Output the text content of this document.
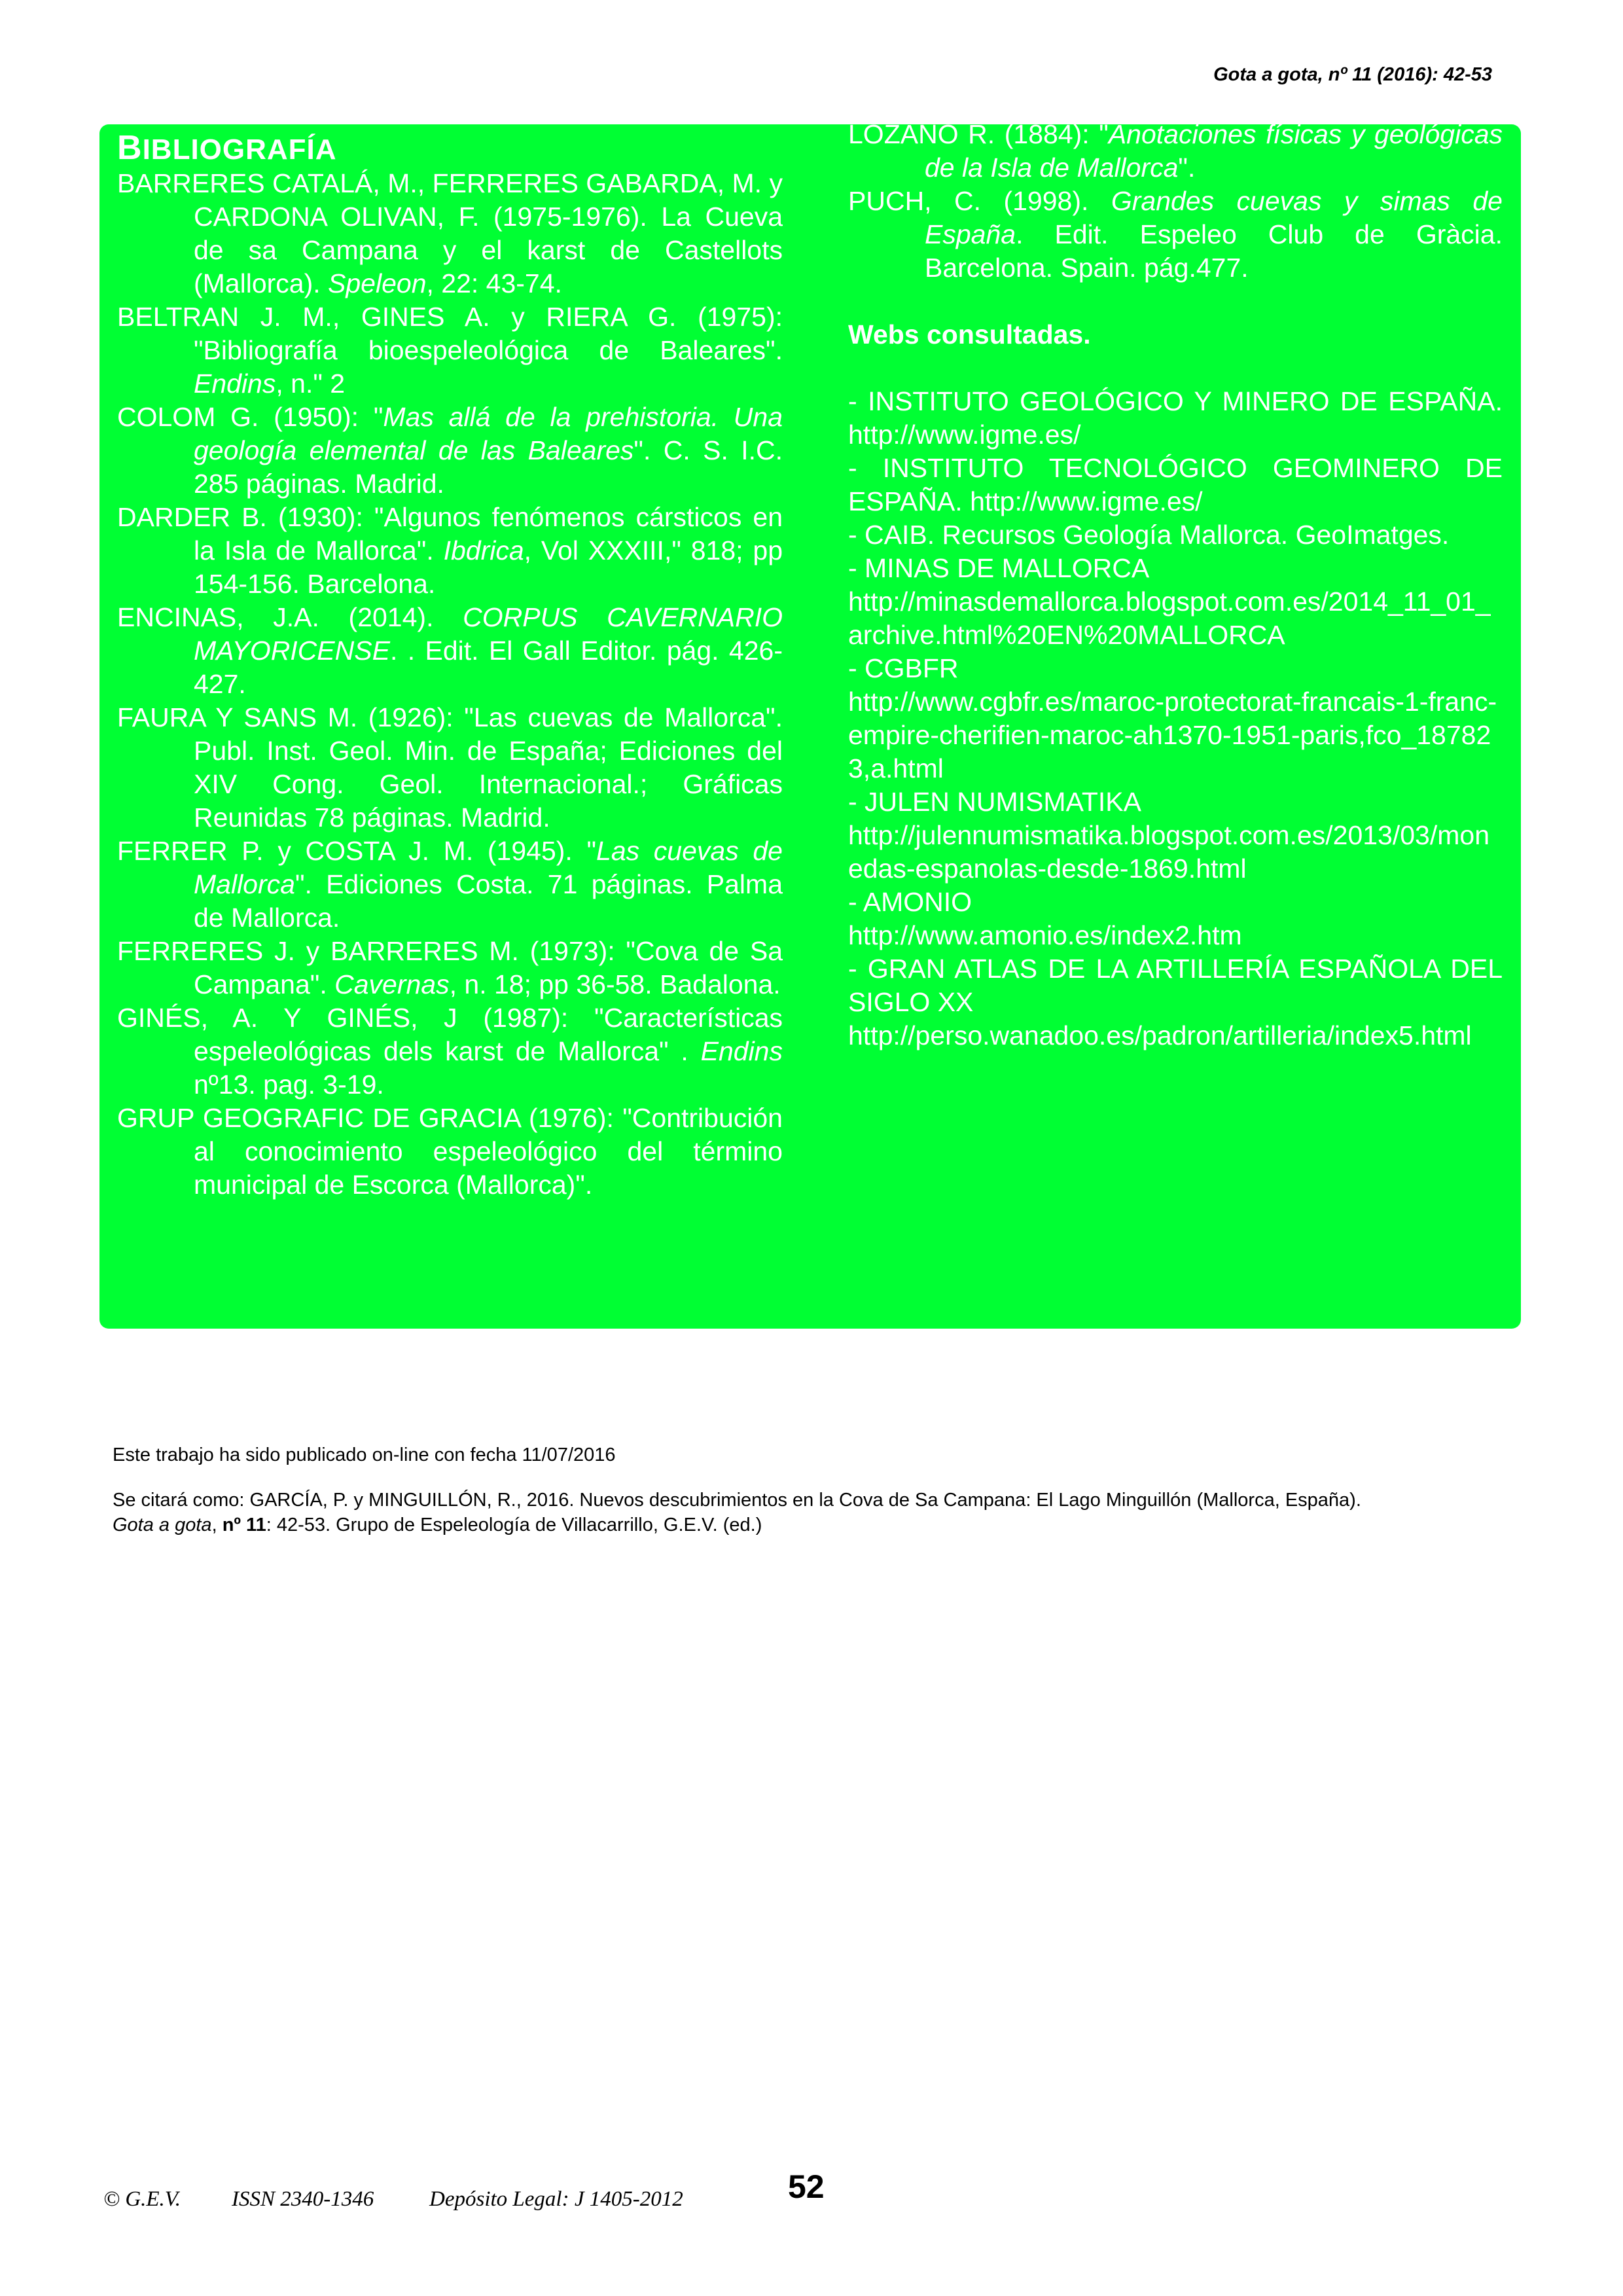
Gota a gota, nº 11 (2016): 42-53
BIBLIOGRAFÍA

BARRERES CATALÁ, M., FERRERES GABARDA, M. y CARDONA OLIVAN, F. (1975-1976). La Cueva de sa Campana y el karst de Castellots (Mallorca). Speleon, 22: 43-74.

BELTRAN J. M., GINES A. y RIERA G. (1975): "Bibliografía bioespeleológica de Baleares". Endins, n." 2

COLOM G. (1950): "Mas allá de la prehistoria. Una geología elemental de las Baleares". C. S. I.C. 285 páginas. Madrid.

DARDER B. (1930): "Algunos fenómenos cársticos en la Isla de Mallorca". Ibdrica, Vol XXXIII," 818; pp 154-156. Barcelona.

ENCINAS, J.A. (2014). CORPUS CAVERNARIO MAYORICENSE. . Edit. El Gall Editor. pág. 426-427.

FAURA Y SANS M. (1926): "Las cuevas de Mallorca". Publ. Inst. Geol. Min. de España; Ediciones del XIV Cong. Geol. Internacional.; Gráficas Reunidas 78 páginas. Madrid.

FERRER P. y COSTA J. M. (1945). "Las cuevas de Mallorca". Ediciones Costa. 71 páginas. Palma de Mallorca.

FERRERES J. y BARRERES M. (1973): "Cova de Sa Campana". Cavernas, n. 18; pp 36-58. Badalona.

GINÉS, A. Y GINÉS, J (1987): "Características espeleológicas dels karst de Mallorca" . Endins nº13. pag. 3-19.

GRUP GEOGRAFIC DE GRACIA (1976): "Contribución al conocimiento espeleológico del término municipal de Escorca (Mallorca)".

LOZANO R. (1884): "Anotaciones físicas y geológicas de la Isla de Mallorca".

PUCH, C. (1998). Grandes cuevas y simas de España. Edit. Espeleo Club de Gràcia. Barcelona. Spain. pág.477.

Webs consultadas.
- INSTITUTO GEOLÓGICO Y MINERO DE ESPAÑA. http://www.igme.es/
- INSTITUTO TECNOLÓGICO GEOMINERO DE ESPAÑA. http://www.igme.es/
- CAIB. Recursos Geología Mallorca. GeoImatges.
- MINAS DE MALLORCA
http://minasdemallorca.blogspot.com.es/2014_11_01_archive.html%20EN%20MALLORCA
- CGBFR
http://www.cgbfr.es/maroc-protectorat-francais-1-franc-empire-cherifien-maroc-ah1370-1951-paris,fco_187823,a.html
- JULEN NUMISMATIKA
http://julennumismatika.blogspot.com.es/2013/03/monedas-espanolas-desde-1869.html
- AMONIO
http://www.amonio.es/index2.htm
- GRAN ATLAS DE LA ARTILLERÍA ESPAÑOLA DEL SIGLO XX
http://perso.wanadoo.es/padron/artilleria/index5.html
Este trabajo ha sido publicado on-line con fecha 11/07/2016
Se citará como: GARCÍA, P. y MINGUILLÓN, R., 2016. Nuevos descubrimientos en la Cova de Sa Campana: El Lago Minguillón (Mallorca, España).
Gota a gota, nº 11: 42-53. Grupo de Espeleología de Villacarrillo, G.E.V. (ed.)
© G.E.V. ISSN 2340-1346	Depósito Legal: J 1405-2012	52
